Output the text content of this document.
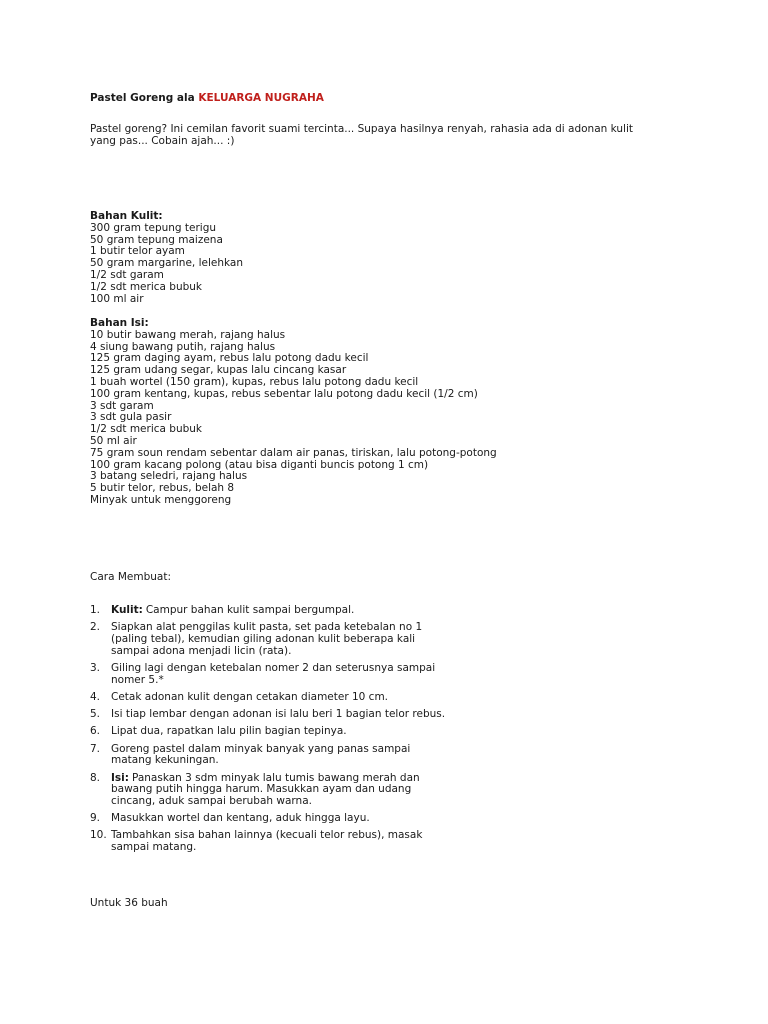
Pastel Goreng ala KELUARGA NUGRAHA
Pastel goreng? Ini cemilan favorit suami tercinta... Supaya hasilnya renyah, rahasia ada di adonan kulit yang pas... Cobain ajah... :)
Bahan Kulit:
300 gram tepung terigu
50 gram tepung maizena
1 butir telor ayam
50 gram margarine, lelehkan
1/2 sdt garam
1/2 sdt merica bubuk
100 ml air
Bahan Isi:
10 butir bawang merah, rajang halus
4 siung bawang putih, rajang halus
125 gram daging ayam, rebus lalu potong dadu kecil
125 gram udang segar, kupas lalu cincang kasar
1 buah wortel (150 gram), kupas, rebus lalu potong dadu kecil
100 gram kentang, kupas, rebus sebentar lalu potong dadu kecil (1/2 cm)
3 sdt garam
3 sdt gula pasir
1/2 sdt merica bubuk
50 ml air
75 gram soun rendam sebentar dalam air panas, tiriskan, lalu potong-potong
100 gram kacang polong (atau bisa diganti buncis potong 1 cm)
3 batang seledri, rajang halus
5 butir telor, rebus, belah 8
Minyak untuk menggoreng
Cara Membuat:
1.	Kulit: Campur bahan kulit sampai bergumpal.
2.	Siapkan alat penggilas kulit pasta, set pada ketebalan no 1 (paling tebal), kemudian giling adonan kulit beberapa kali sampai adona menjadi licin (rata).
3.	Giling lagi dengan ketebalan nomer 2 dan seterusnya sampai nomer 5.*
4.	Cetak adonan kulit dengan cetakan diameter 10 cm.
5.	Isi tiap lembar dengan adonan isi lalu beri 1 bagian telor rebus.
6.	Lipat dua, rapatkan lalu pilin bagian tepinya.
7.	Goreng pastel dalam minyak banyak yang panas sampai matang kekuningan.
8.	Isi: Panaskan 3 sdm minyak lalu tumis bawang merah dan bawang putih hingga harum. Masukkan ayam dan udang cincang, aduk sampai berubah warna.
9.	Masukkan wortel dan kentang, aduk hingga layu.
10. Tambahkan sisa bahan lainnya (kecuali telor rebus), masak sampai matang.
Untuk 36 buah
